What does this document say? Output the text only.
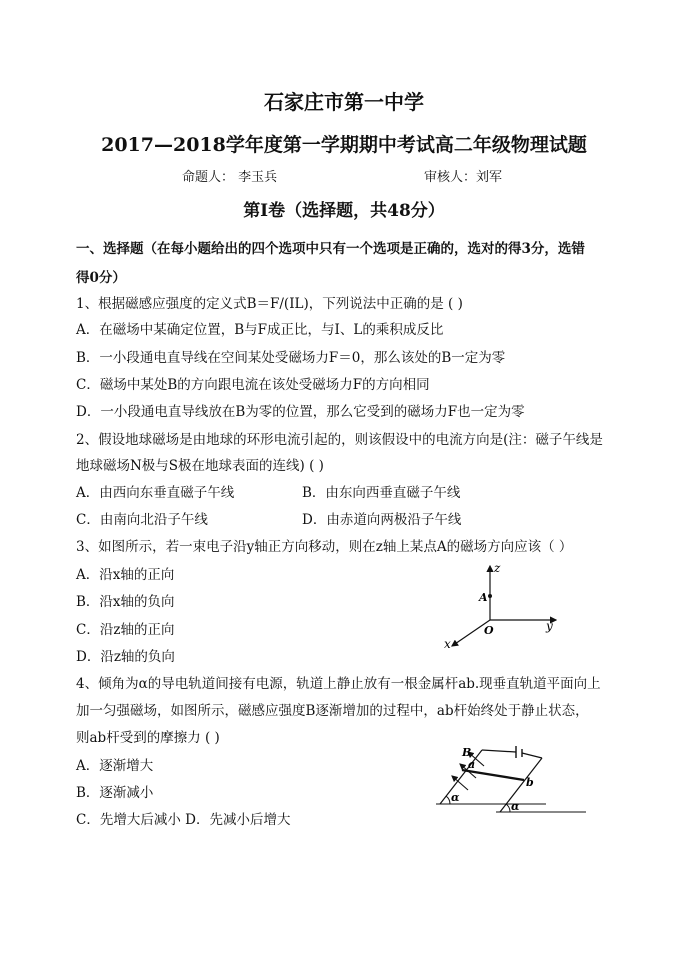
石家庄市第一中学
2017—2018学年度第一学期期中考试高二年级物理试题
命题人： 李玉兵	审核人：刘军
第Ⅰ卷（选择题，共48分）
一、选择题（在每小题给出的四个选项中只有一个选项是正确的，选对的得3分，选错
得0分）
1、根据磁感应强度的定义式B＝F/(IL)，下列说法中正确的是 ( )
A．在磁场中某确定位置，B与F成正比，与I、L的乘积成反比
B．一小段通电直导线在空间某处受磁场力F＝0，那么该处的B一定为零
C．磁场中某处B的方向跟电流在该处受磁场力F的方向相同
D．一小段通电直导线放在B为零的位置，那么它受到的磁场力F也一定为零
2、假设地球磁场是由地球的环形电流引起的，则该假设中的电流方向是(注：磁子午线是
地球磁场N极与S极在地球表面的连线) ( )
A．由西向东垂直磁子午线	B．由东向西垂直磁子午线
C．由南向北沿子午线	D．由赤道向两极沿子午线
3、如图所示，若一束电子沿y轴正方向移动，则在z轴上某点A的磁场方向应该（ ）
A．沿x轴的正向
B．沿x轴的负向
C．沿z轴的正向
D．沿z轴的负向
z
y
x
O
A
4、倾角为α的导电轨道间接有电源，轨道上静止放有一根金属杆ab.现垂直轨道平面向上
加一匀强磁场，如图所示，磁感应强度B逐渐增加的过程中，ab杆始终处于静止状态，
则ab杆受到的摩擦力 ( )
A．逐渐增大
B．逐渐减小
C．先增大后减小 D．先减小后增大
B
a
b
α
α
